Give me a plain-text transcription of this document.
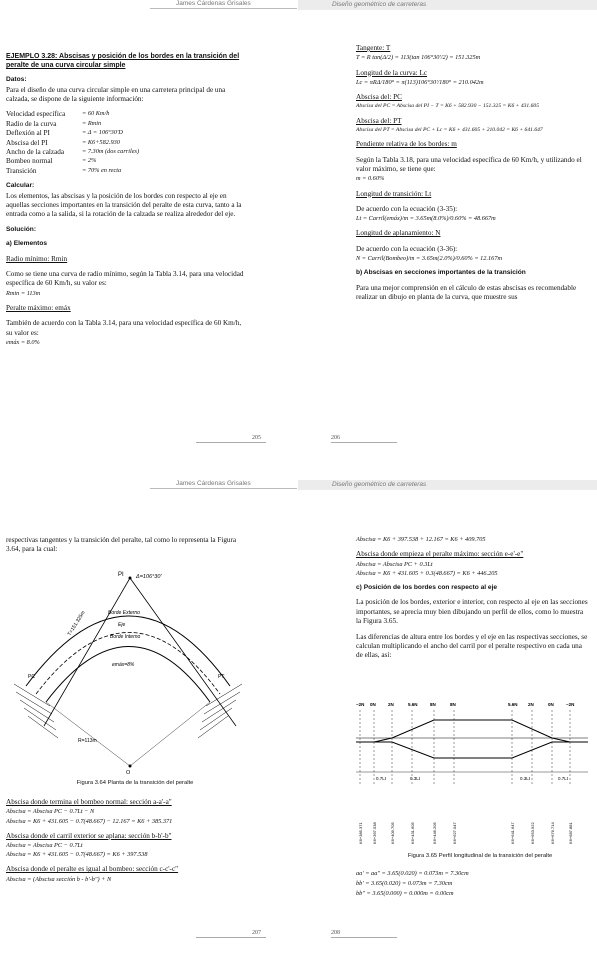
James Cárdenas Grisales	Diseño geométrico de carreteras

EJEMPLO 3.28: Abscisas y posición de los bordes en la transición del peralte de una curva circular simple

Datos:

Para el diseño de una curva circular simple en una carretera principal de una calzada, se dispone de la siguiente información:

Velocidad específica	= 60 Km/h
Radio de la curva	= Rmin
Deflexión al PI	= Δ = 106°30'D
Abscisa del PI	= K6+582.930
Ancho de la calzada	= 7.30m (dos carriles)
Bombeo normal	= 2%
Transición	= 70% en recta

Calcular:

Los elementos, las abscisas y la posición de los bordes con respecto al eje en aquellas secciones importantes en la transición del peralte de esta curva, tanto a la entrada como a la salida, si la rotación de la calzada se realiza alrededor del eje.

Solución:

a) Elementos

Radio mínimo: Rmin

Como se tiene una curva de radio mínimo, según la Tabla 3.14, para una velocidad específica de 60 Km/h, su valor es:

Rmin = 113m

Peralte máximo: emáx

También de acuerdo con la Tabla 3.14, para una velocidad específica de 60 Km/h, su valor es:

emáx = 8.0%

Tangente: T

T = R tan(Δ/2) = 113(tan 106°30'/2) = 151.325m

Longitud de la curva: Lc

Lc = πRΔ/180° = π(113)106°30'/180° = 210.042m

Abscisa del: PC

Abscisa del PC = Abscisa del PI − T = K6 + 582.930 − 151.325 = K6 + 431.605

Abscisa del: PT

Abscisa del PT = Abscisa del PC + Lc = K6 + 431.605 + 210.042 = K6 + 641.647

Pendiente relativa de los bordes: m

Según la Tabla 3.18, para una velocidad específica de 60 Km/h, y utilizando el valor máximo, se tiene que:

m = 0.60%

Longitud de transición: Lt

De acuerdo con la ecuación (3-35):

Lt = Carril(emáx)/m = 3.65m(8.0%)/0.60% = 48.667m

Longitud de aplanamiento: N

De acuerdo con la ecuación (3-36):

N = Carril(Bombeo)/m = 3.65m(2.0%)/0.60% = 12.167m

b) Abscisas en secciones importantes de la transición

Para una mejor comprensión en el cálculo de estas abscisas es recomendable realizar un dibujo en planta de la curva, que muestre sus

205	206
James Cárdenas Grisales	Diseño geométrico de carreteras

respectivas tangentes y la transición del peralte, tal como lo representa la Figura 3.64, para la cual:

PI Δ=106°30'
T=151.325m	Borde Externo
Eje
Borde Interno
PC	PT
emáx=8%
O
R=113m
Figura 3.64 Planta de la transición del peralte

Abscisa donde termina el bombeo normal: sección a-a'-a"

Abscisa = Abscisa PC − 0.7Lt − N

Abscisa = K6 + 431.605 − 0.7(48.667) − 12.167 = K6 + 385.371

Abscisa donde el carril exterior se aplana: sección b-b'-b"

Abscisa = Abscisa PC − 0.7Lt

Abscisa = K6 + 431.605 − 0.7(48.667) = K6 + 397.538

Abscisa donde el peralte es igual al bombeo: sección c-c'-c"

Abscisa = (Abscisa sección b - b'-b") + N

Abscisa = K6 + 397.538 + 12.167 = K6 + 409.705

Abscisa donde empieza el peralte máximo: sección e-e'-e"

Abscisa = Abscisa PC + 0.3Lt

Abscisa = K6 + 431.605 + 0.3(48.667) = K6 + 446.205

c) Posición de los bordes con respecto al eje

La posición de los bordes, exterior e interior, con respecto al eje en las secciones importantes, se aprecia muy bien dibujando un perfil de ellos, como lo muestra la Figura 3.65.

Las diferencias de altura entre los bordes y el eje en las respectivas secciones, se calculan multiplicando el ancho del carril por el peralte respectivo en cada una de ellas, así:

−2N 0N	2N	5.6N	8N	8N	5.6N 2N	0N	−2N
K6+385.371 K6+397.538	K6+409.705	K6+431.605	K6+446.205	K6+627.047	K6+641.647	K6+653.922	K6+676.714	K6+687.881
0.7Lt	0.3Lt	0.3Lt	0.7Lt
Figura 3.65 Perfil longitudinal de la transición del peralte

aa' = aa" = 3.65(0.020) = 0.073m = 7.30cm

bb' = 3.65(0.020) = 0.073m = 7.30cm

bb" = 3.65(0.000) = 0.000m = 0.00cm

207	208
